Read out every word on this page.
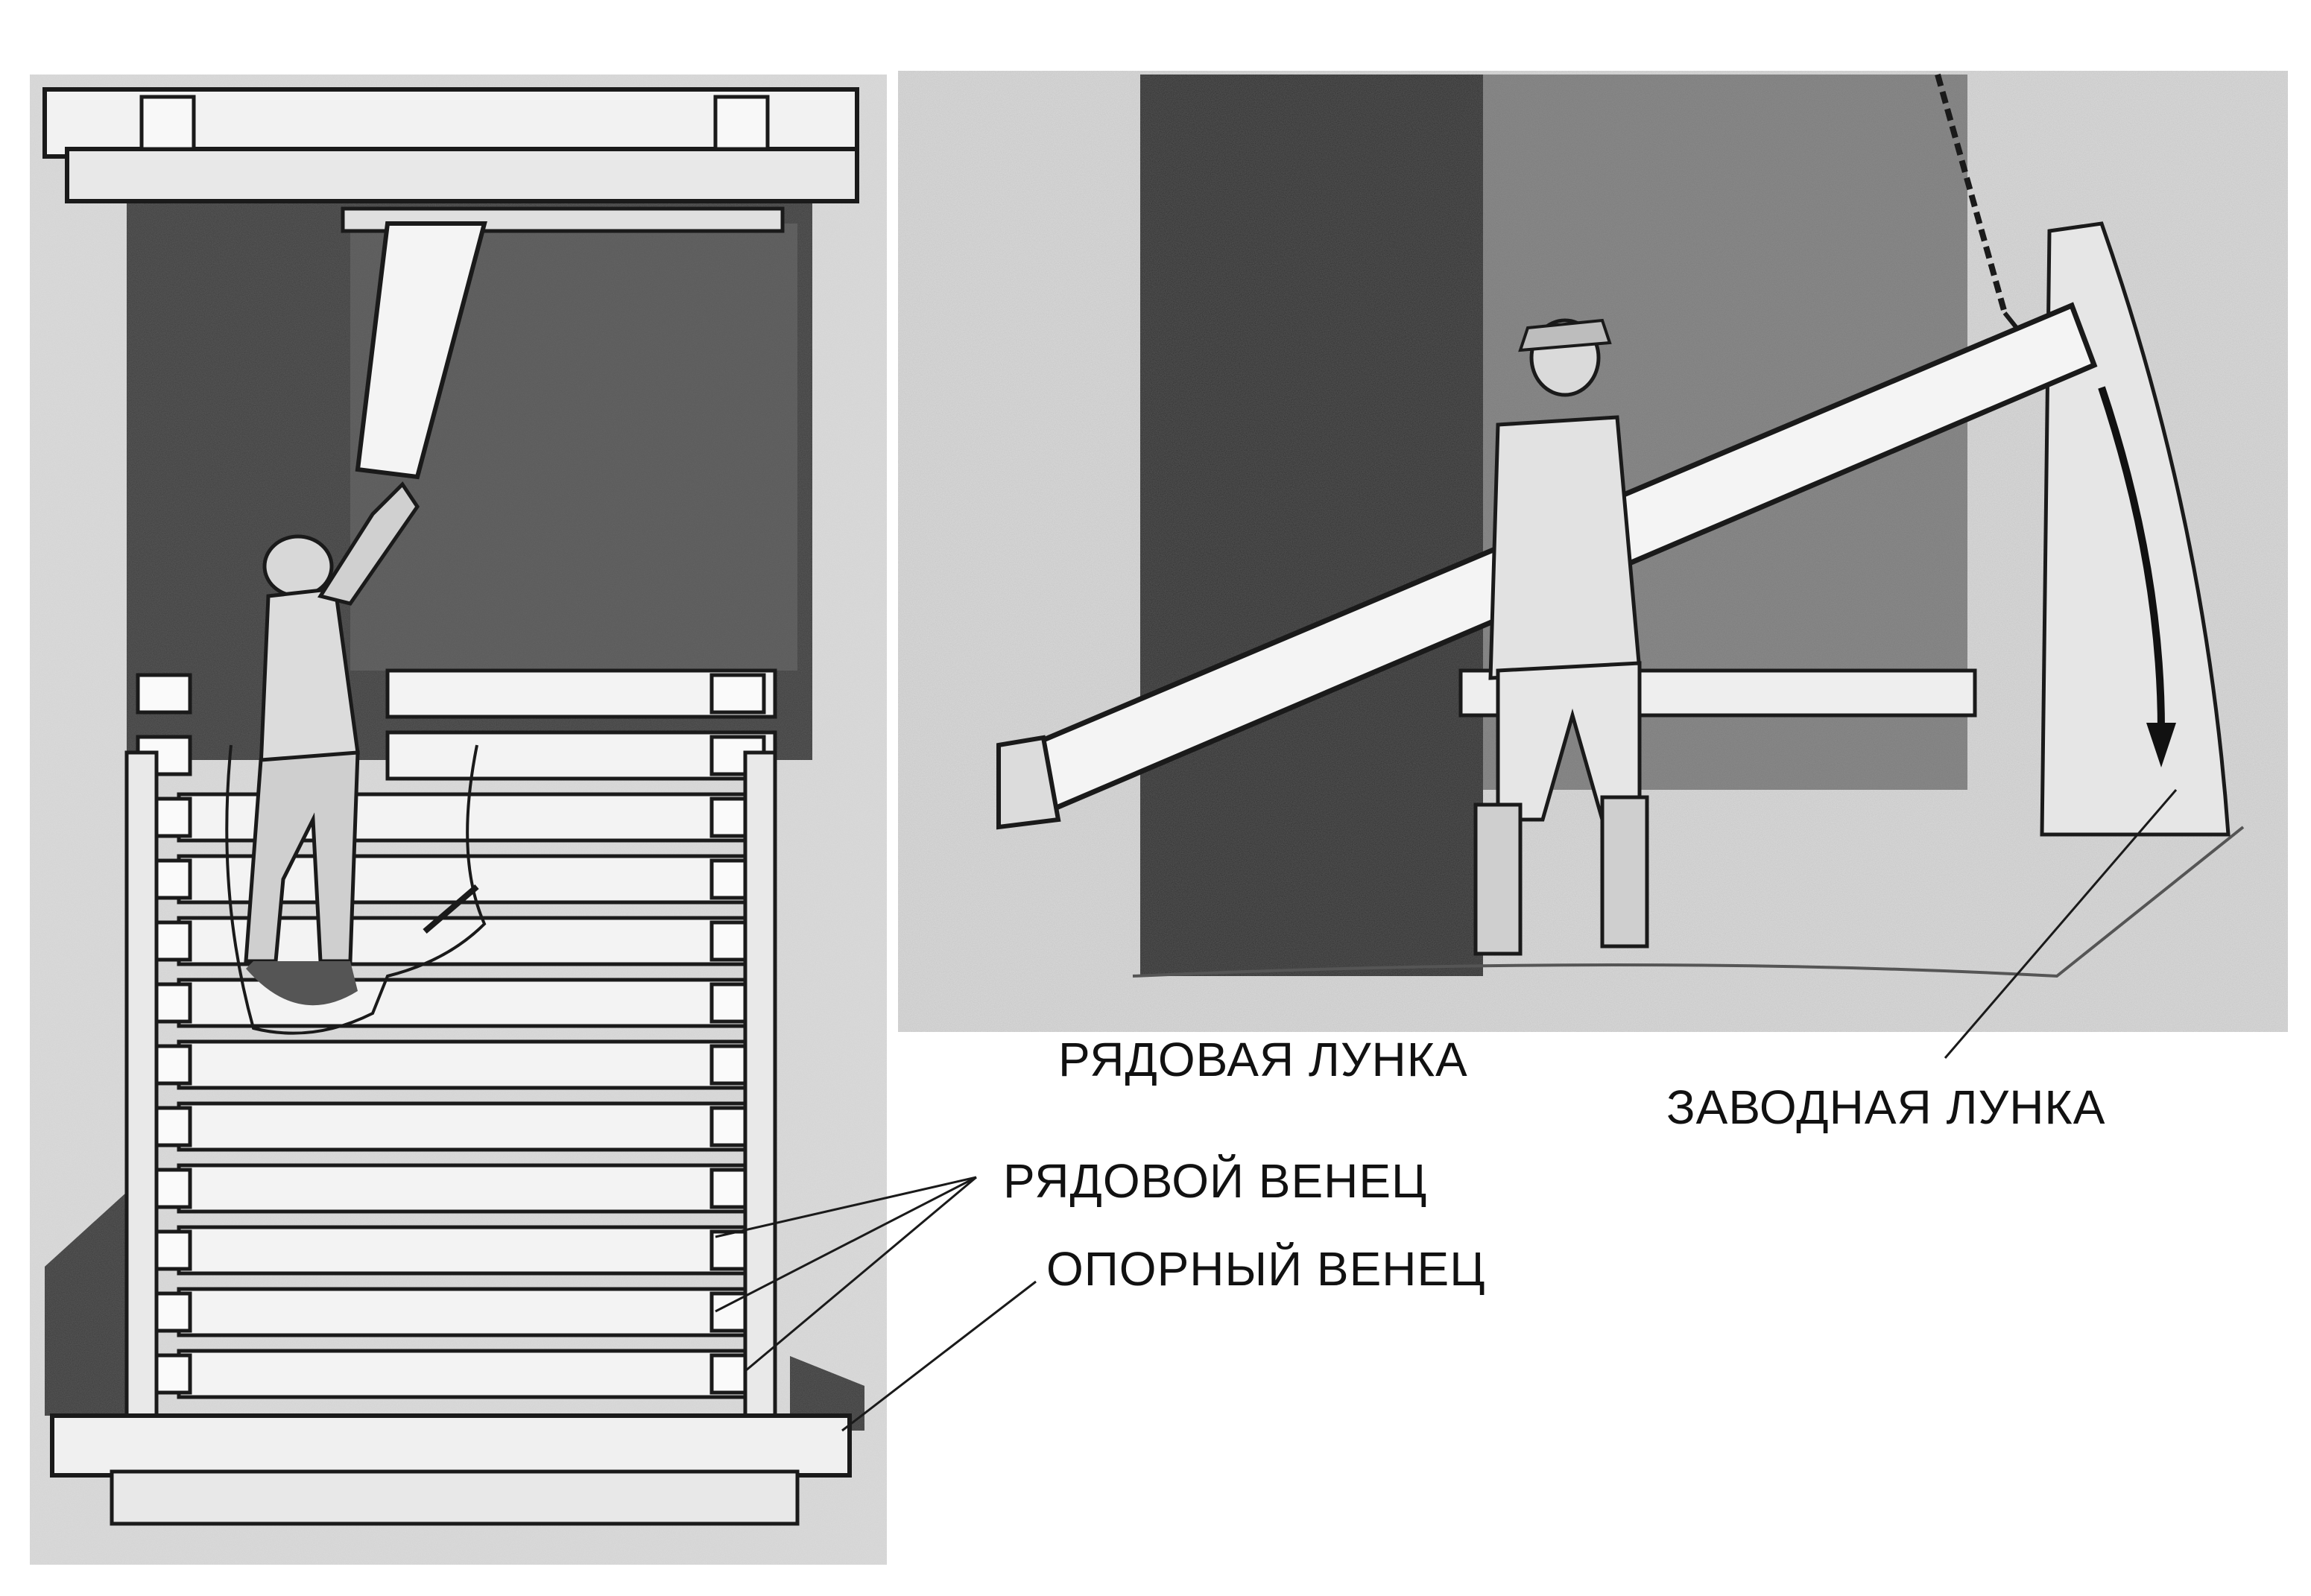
РЯДОВАЯ ЛУНКА
ЗАВОДНАЯ ЛУНКА
РЯДОВОЙ ВЕНЕЦ
ОПОРНЫЙ ВЕНЕЦ
